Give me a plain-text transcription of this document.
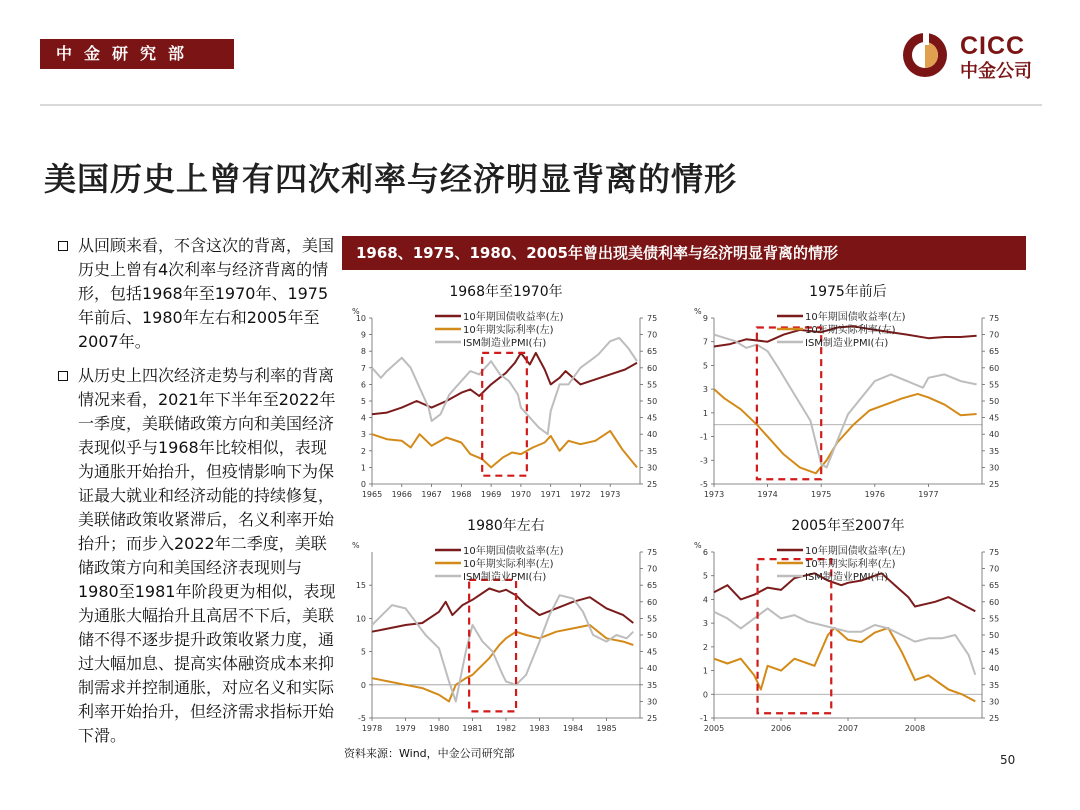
中金研究部	CICC
中金公司
美国历史上曾有四次利率与经济明显背离的情形
从回顾来看，不含这次的背离，美国历史上曾有4次利率与经济背离的情形，包括1968年至1970年、1975年前后、1980年左右和2005年至2007年。
从历史上四次经济走势与利率的背离情况来看，2021年下半年至2022年一季度，美联储政策方向和美国经济表现似乎与1968年比较相似，表现为通胀开始抬升，但疫情影响下为保证最大就业和经济动能的持续修复，美联储政策收紧滞后，名义利率开始抬升；而步入2022年二季度，美联储政策方向和美国经济表现则与1980至1981年阶段更为相似，表现为通胀大幅抬升且高居不下后，美联储不得不逐步提升政策收紧力度，通过大幅加息、提高实体融资成本来抑制需求并控制通胀，对应名义和实际利率开始抬升，但经济需求指标开始下滑。
1968、1975、1980、2005年曾出现美债利率与经济明显背离的情形
1968年至1970年
%
0
1
2
3
4
5
6
7
8
9
10
25
30
35
40
45
50
55
60
65
70
75
1965 1966 1967 1968 1969 1970 1971 1972 1973
10年期国债收益率(左)
10年期实际利率(左)
ISM制造业PMI(右)
1975年前后
%
-5
-3
-1
1
3
5
7
9
25
30
35
40
45
50
55
60
65
70
75
1973	1974	1975	1976	1977
10年期国债收益率(左)
10年期实际利率(左)
ISM制造业PMI(右)
1980年左右
%
-5
0
5
10
15
25
30
35
40
45
50
55
60
65
70
75
1978 1979 1980 1981 1982 1983 1984 1985
10年期国债收益率(左)
10年期实际利率(左)
ISM制造业PMI(右)
2005年至2007年
%
-1
0
1
2
3
4
5
6
25
30
35
40
45
50
55
60
65
70
75
2005	2006	2007	2008
10年期国债收益率(左)
10年期实际利率(左)
ISM制造业PMI(右)
资料来源：Wind，中金公司研究部	50
